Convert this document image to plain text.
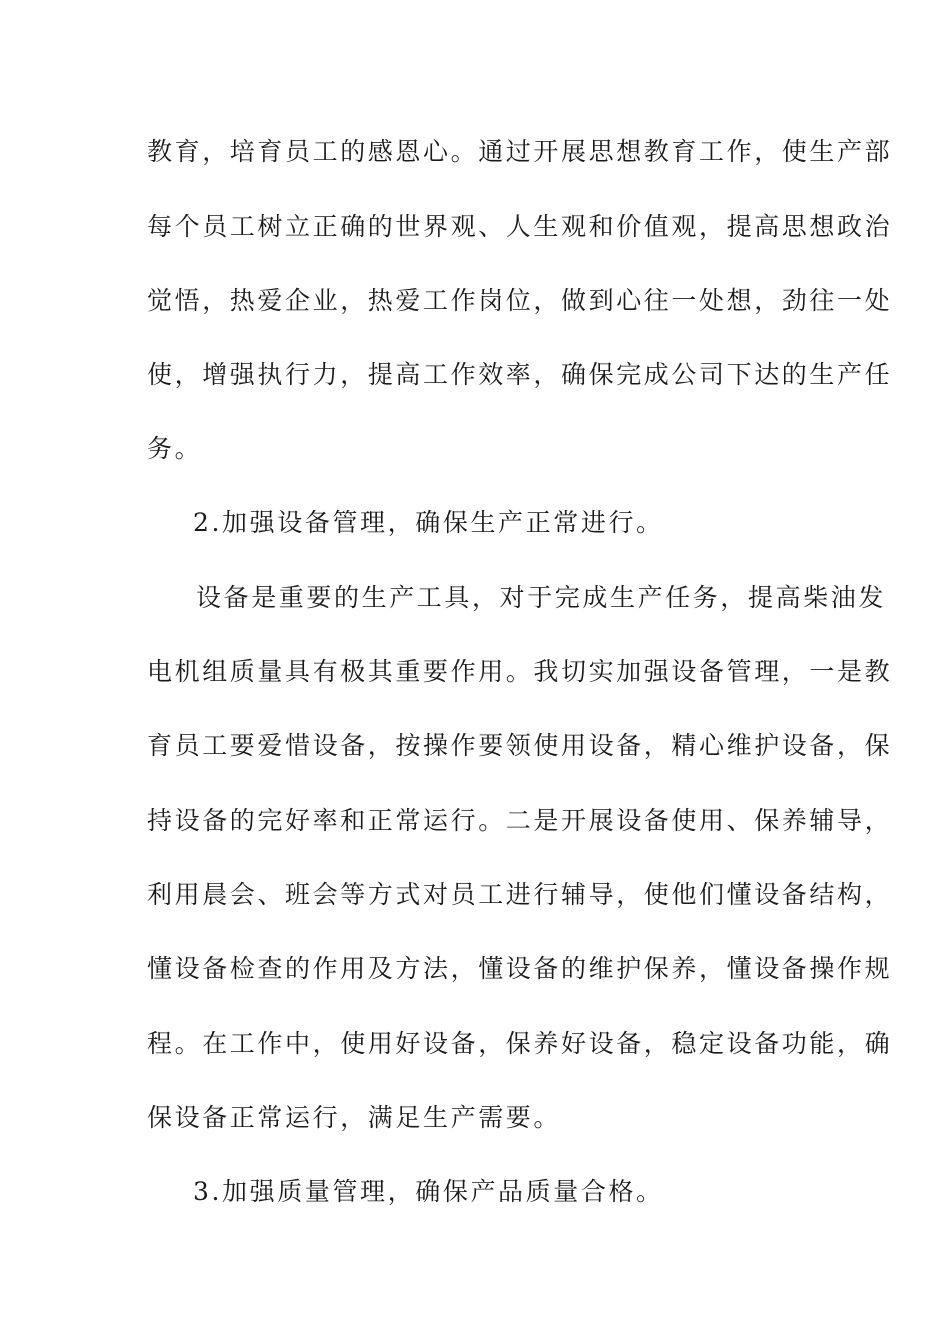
教育，培育员工的感恩心。通过开展思想教育工作，使生产部
每个员工树立正确的世界观、人生观和价值观，提高思想政治
觉悟，热爱企业，热爱工作岗位，做到心往一处想，劲往一处
使，增强执行力，提高工作效率，确保完成公司下达的生产任
务。
2.加强设备管理，确保生产正常进行。
设备是重要的生产工具，对于完成生产任务，提高柴油发
电机组质量具有极其重要作用。我切实加强设备管理，一是教
育员工要爱惜设备，按操作要领使用设备，精心维护设备，保
持设备的完好率和正常运行。二是开展设备使用、保养辅导，
利用晨会、班会等方式对员工进行辅导，使他们懂设备结构，
懂设备检查的作用及方法，懂设备的维护保养，懂设备操作规
程。在工作中，使用好设备，保养好设备，稳定设备功能，确
保设备正常运行，满足生产需要。
3.加强质量管理，确保产品质量合格。
